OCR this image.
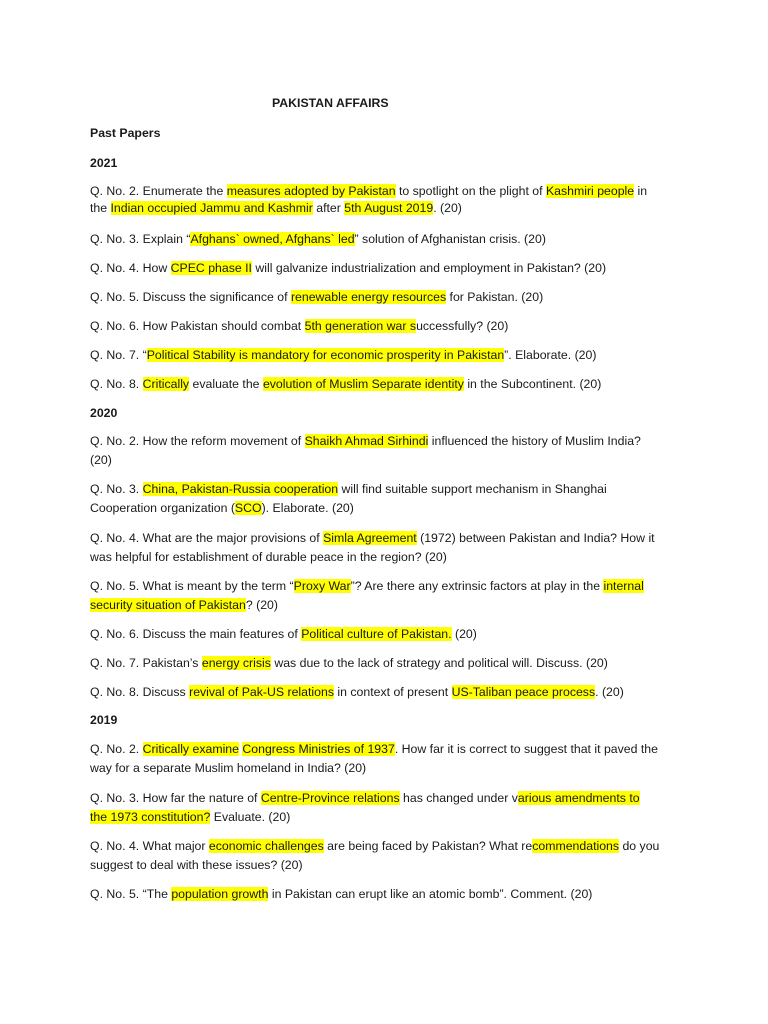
PAKISTAN AFFAIRS
Past Papers
2021
Q. No. 2. Enumerate the measures adopted by Pakistan to spotlight on the plight of Kashmiri people in
the Indian occupied Jammu and Kashmir after 5th August 2019. (20)
Q. No. 3. Explain “Afghans` owned, Afghans` led” solution of Afghanistan crisis. (20)
Q. No. 4. How CPEC phase II will galvanize industrialization and employment in Pakistan? (20)
Q. No. 5. Discuss the significance of renewable energy resources for Pakistan. (20)
Q. No. 6. How Pakistan should combat 5th generation war successfully? (20)
Q. No. 7. “Political Stability is mandatory for economic prosperity in Pakistan”. Elaborate. (20)
Q. No. 8. Critically evaluate the evolution of Muslim Separate identity in the Subcontinent. (20)
2020
Q. No. 2. How the reform movement of Shaikh Ahmad Sirhindi influenced the history of Muslim India?
(20)
Q. No. 3. China, Pakistan-Russia cooperation will find suitable support mechanism in Shanghai
Cooperation organization (SCO). Elaborate. (20)
Q. No. 4. What are the major provisions of Simla Agreement (1972) between Pakistan and India? How it
was helpful for establishment of durable peace in the region? (20)
Q. No. 5. What is meant by the term “Proxy War”? Are there any extrinsic factors at play in the internal
security situation of Pakistan? (20)
Q. No. 6. Discuss the main features of Political culture of Pakistan. (20)
Q. No. 7. Pakistan’s energy crisis was due to the lack of strategy and political will. Discuss. (20)
Q. No. 8. Discuss revival of Pak-US relations in context of present US-Taliban peace process. (20)
2019
Q. No. 2. Critically examine Congress Ministries of 1937. How far it is correct to suggest that it paved the
way for a separate Muslim homeland in India? (20)
Q. No. 3. How far the nature of Centre-Province relations has changed under various amendments to
the 1973 constitution? Evaluate. (20)
Q. No. 4. What major economic challenges are being faced by Pakistan? What recommendations do you
suggest to deal with these issues? (20)
Q. No. 5. “The population growth in Pakistan can erupt like an atomic bomb”. Comment. (20)
